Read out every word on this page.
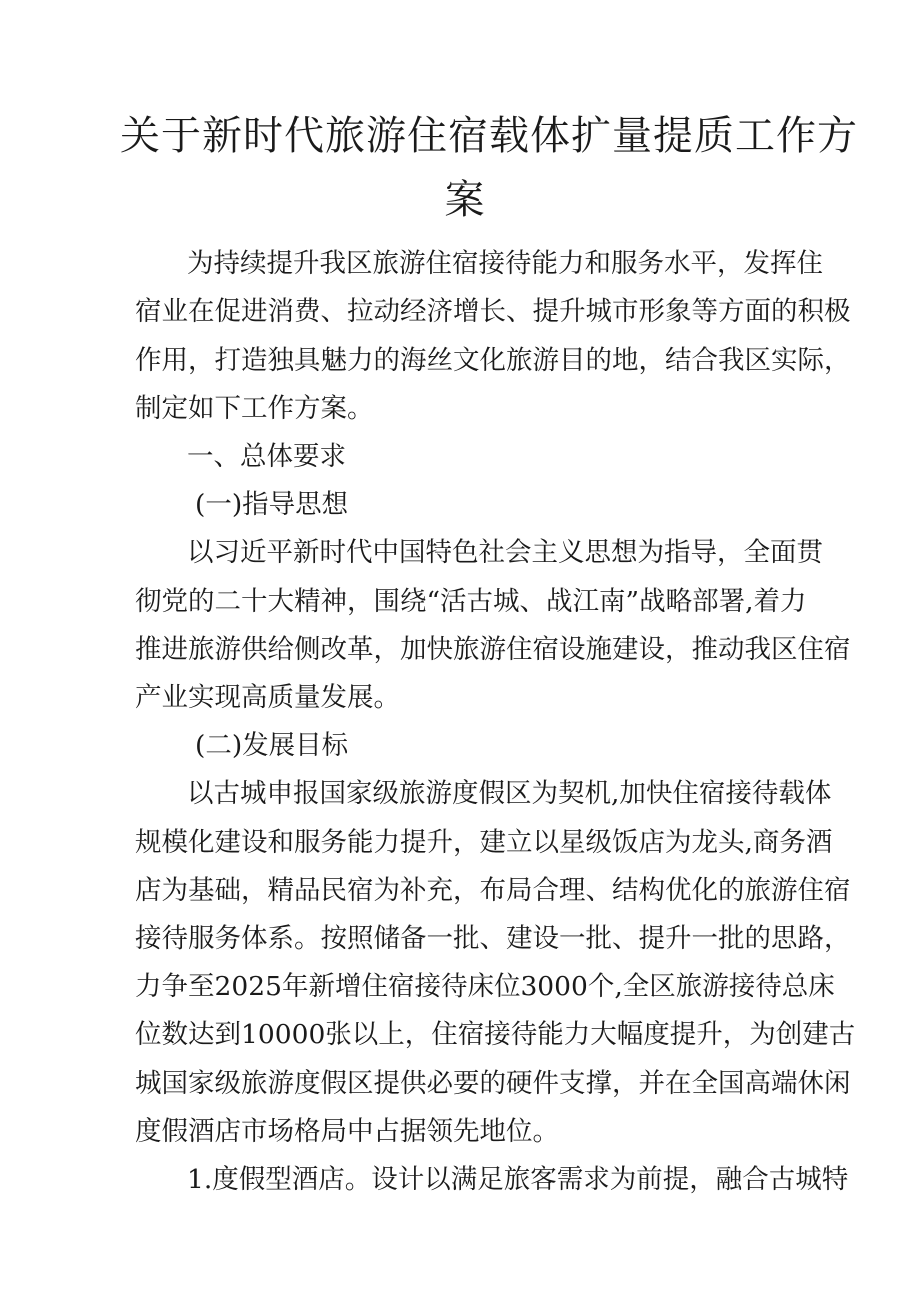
关于新时代旅游住宿载体扩量提质工作方
案

为持续提升我区旅游住宿接待能力和服务水平，发挥住

宿业在促进消费、拉动经济增长、提升城市形象等方面的积极

作用，打造独具魅力的海丝文化旅游目的地，结合我区实际，

制定如下工作方案。

一、总体要求

(一)指导思想

以习近平新时代中国特色社会主义思想为指导，全面贯

彻党的二十大精神，围绕“活古城、战江南”战略部署,着力

推进旅游供给侧改革，加快旅游住宿设施建设，推动我区住宿

产业实现高质量发展。

(二)发展目标

以古城申报国家级旅游度假区为契机,加快住宿接待载体

规模化建设和服务能力提升，建立以星级饭店为龙头,商务酒

店为基础，精品民宿为补充，布局合理、结构优化的旅游住宿

接待服务体系。按照储备一批、建设一批、提升一批的思路，

力争至2025年新增住宿接待床位3000个,全区旅游接待总床

位数达到10000张以上，住宿接待能力大幅度提升，为创建古

城国家级旅游度假区提供必要的硬件支撑，并在全国高端休闲

度假酒店市场格局中占据领先地位。

1.度假型酒店。设计以满足旅客需求为前提，融合古城特
